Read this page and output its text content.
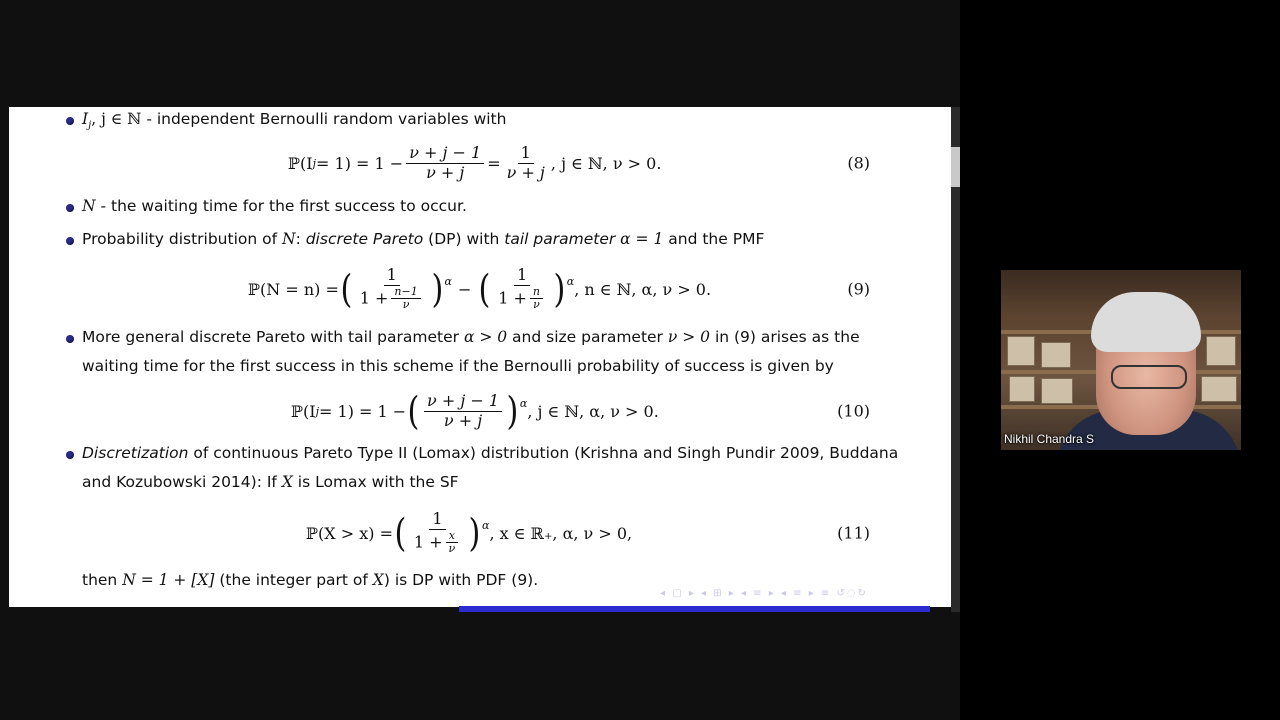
$I_j$, j ∈ ℕ - independent Bernoulli random variables with
ℙ(I $j = 1) = 1 - \frac{\nu + j - 1}{\nu + j} = \frac{1}{\nu + j}$ , j ∈ ℕ, ν > 0.	(8)
N - the waiting time for the first success to occur.
Probability distribution of N: discrete Pareto (DP) with tail parameter α = 1 and the PMF
ℙ(N = n) = ( $\frac{1}{1 + \frac{n-1}{\nu}} )^\alpha$ − ( $\frac{1}{1 + \frac{n}{\nu}} )^\alpha$ , n ∈ ℕ, α, ν > 0.	(9)
More general discrete Pareto with tail parameter α > 0 and size parameter ν > 0 in (9) arises as the
waiting time for the first success in this scheme if the Bernoulli probability of success is given by
ℙ(I j = 1) = 1 − ( $\frac{\nu + j - 1}{\nu + j} )^\alpha$ , j ∈ ℕ, α, ν > 0.	(10)
Discretization of continuous Pareto Type II (Lomax) distribution (Krishna and Singh Pundir 2009, Buddana
and Kozubowski 2014): If X is Lomax with the SF
ℙ(X > x) = ( $\frac{1}{1 + \frac{x}{\nu}} )^\alpha$ , x ∈ ℝ₊, α, ν > 0,	(11)
then N = 1 + [X] (the integer part of X) is DP with PDF (9).
◂ ▢ ▸ ◂ ⊞ ▸ ◂ ≡ ▸ ◂ ≡ ▸ ≡ ↺◌↻
Nikhil Chandra S
